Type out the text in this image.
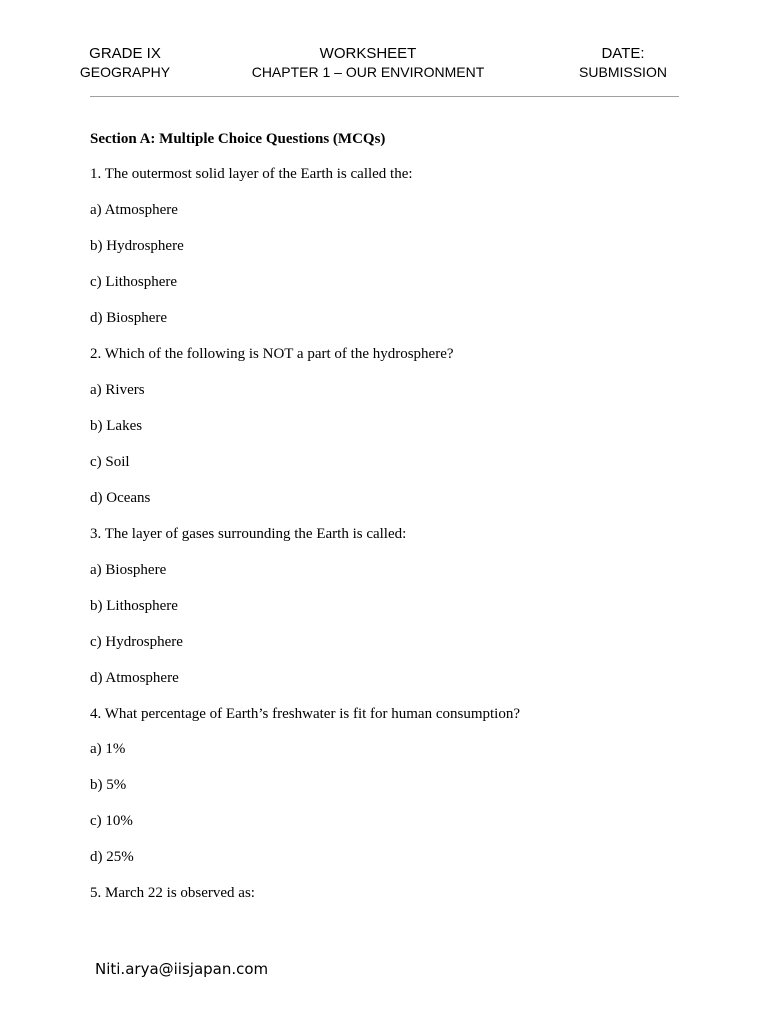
GRADE IX
GEOGRAPHY
WORKSHEET
CHAPTER 1 – OUR ENVIRONMENT
DATE:
SUBMISSION
Section A: Multiple Choice Questions (MCQs)
1. The outermost solid layer of the Earth is called the:
a) Atmosphere
b) Hydrosphere
c) Lithosphere
d) Biosphere
2. Which of the following is NOT a part of the hydrosphere?
a) Rivers
b) Lakes
c) Soil
d) Oceans
3. The layer of gases surrounding the Earth is called:
a) Biosphere
b) Lithosphere
c) Hydrosphere
d) Atmosphere
4. What percentage of Earth’s freshwater is fit for human consumption?
a) 1%
b) 5%
c) 10%
d) 25%
5. March 22 is observed as:
Niti.arya@iisjapan.com
